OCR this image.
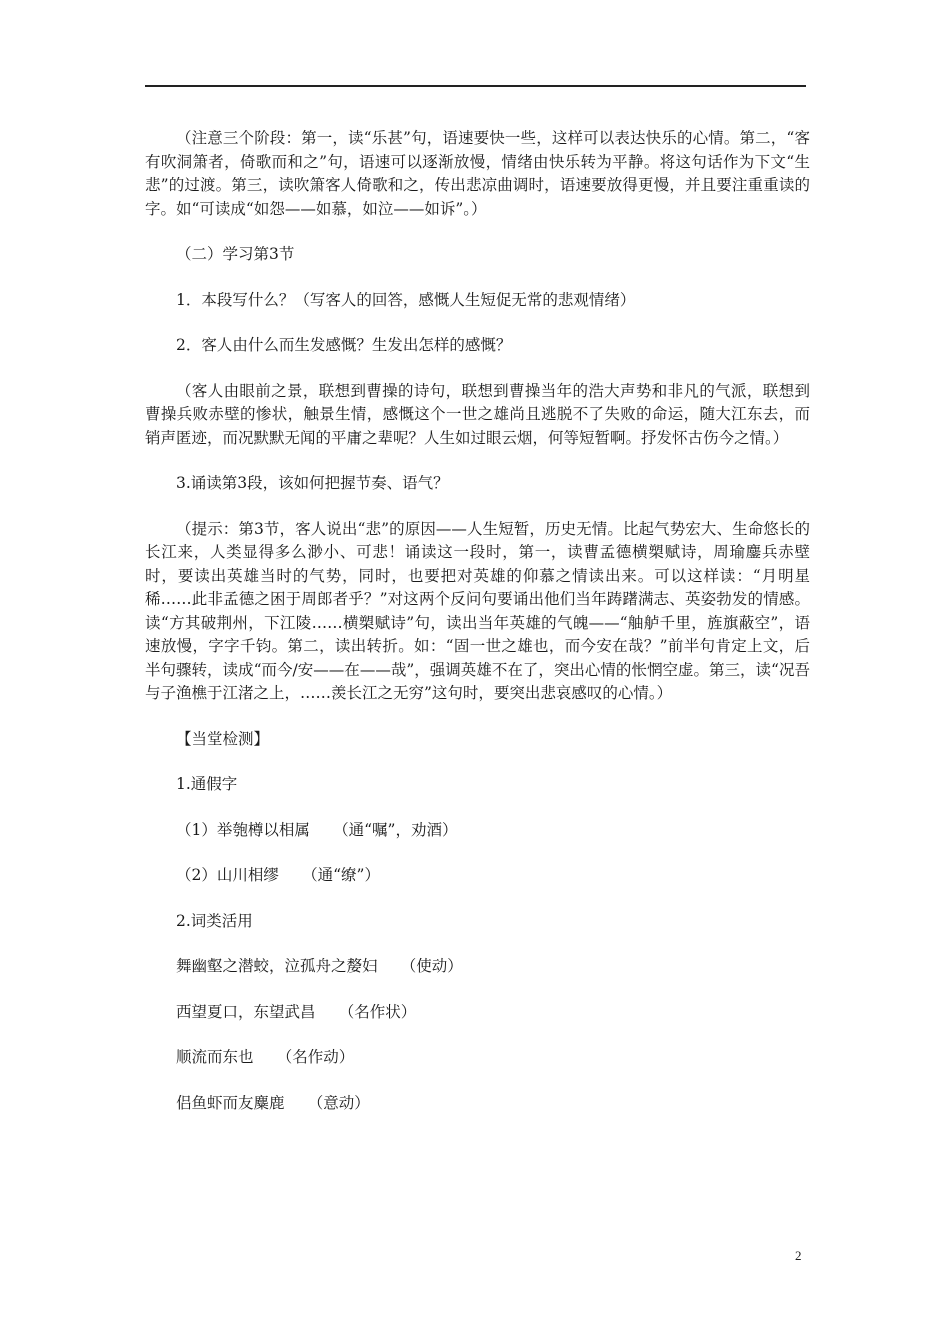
（注意三个阶段：第一，读“乐甚”句，语速要快一些，这样可以表达快乐的心情。第二，“客有吹洞箫者，倚歌而和之”句，语速可以逐渐放慢，情绪由快乐转为平静。将这句话作为下文“生悲”的过渡。第三，读吹箫客人倚歌和之，传出悲凉曲调时，语速要放得更慢，并且要注重重读的字。如“可读成“如怨——如慕，如泣——如诉”。）

（二）学习第3节

1．本段写什么？（写客人的回答，感慨人生短促无常的悲观情绪）

2．客人由什么而生发感慨？生发出怎样的感慨？

（客人由眼前之景，联想到曹操的诗句，联想到曹操当年的浩大声势和非凡的气派，联想到曹操兵败赤壁的惨状，触景生情，感慨这个一世之雄尚且逃脱不了失败的命运，随大江东去，而销声匿迹，而况默默无闻的平庸之辈呢？人生如过眼云烟，何等短暂啊。抒发怀古伤今之情。）

3.诵读第3段，该如何把握节奏、语气？

（提示：第3节，客人说出“悲”的原因——人生短暂，历史无情。比起气势宏大、生命悠长的长江来，人类显得多么渺小、可悲！诵读这一段时，第一，读曹孟德横槊赋诗，周瑜鏖兵赤壁时，要读出英雄当时的气势，同时，也要把对英雄的仰慕之情读出来。可以这样读：“月明星稀……此非孟德之困于周郎者乎？”对这两个反问句要诵出他们当年踌躇满志、英姿勃发的情感。读“方其破荆州，下江陵……横槊赋诗”句，读出当年英雄的气魄——“舳舻千里，旌旗蔽空”，语速放慢，字字千钧。第二，读出转折。如：“固一世之雄也，而今安在哉？”前半句肯定上文，后半句骤转，读成“而今/安——在——哉”，强调英雄不在了，突出心情的怅惘空虚。第三，读“况吾与子渔樵于江渚之上，……羡长江之无穷”这句时，要突出悲哀感叹的心情。）

【当堂检测】

1.通假字

（1）举匏樽以相属　　（通“嘱”，劝酒）

（2）山川相缪　　（通“缭”）

2.词类活用

舞幽壑之潜蛟，泣孤舟之嫠妇　　（使动）

西望夏口，东望武昌　　（名作状）

顺流而东也　　（名作动）

侣鱼虾而友麋鹿　　（意动）

2
